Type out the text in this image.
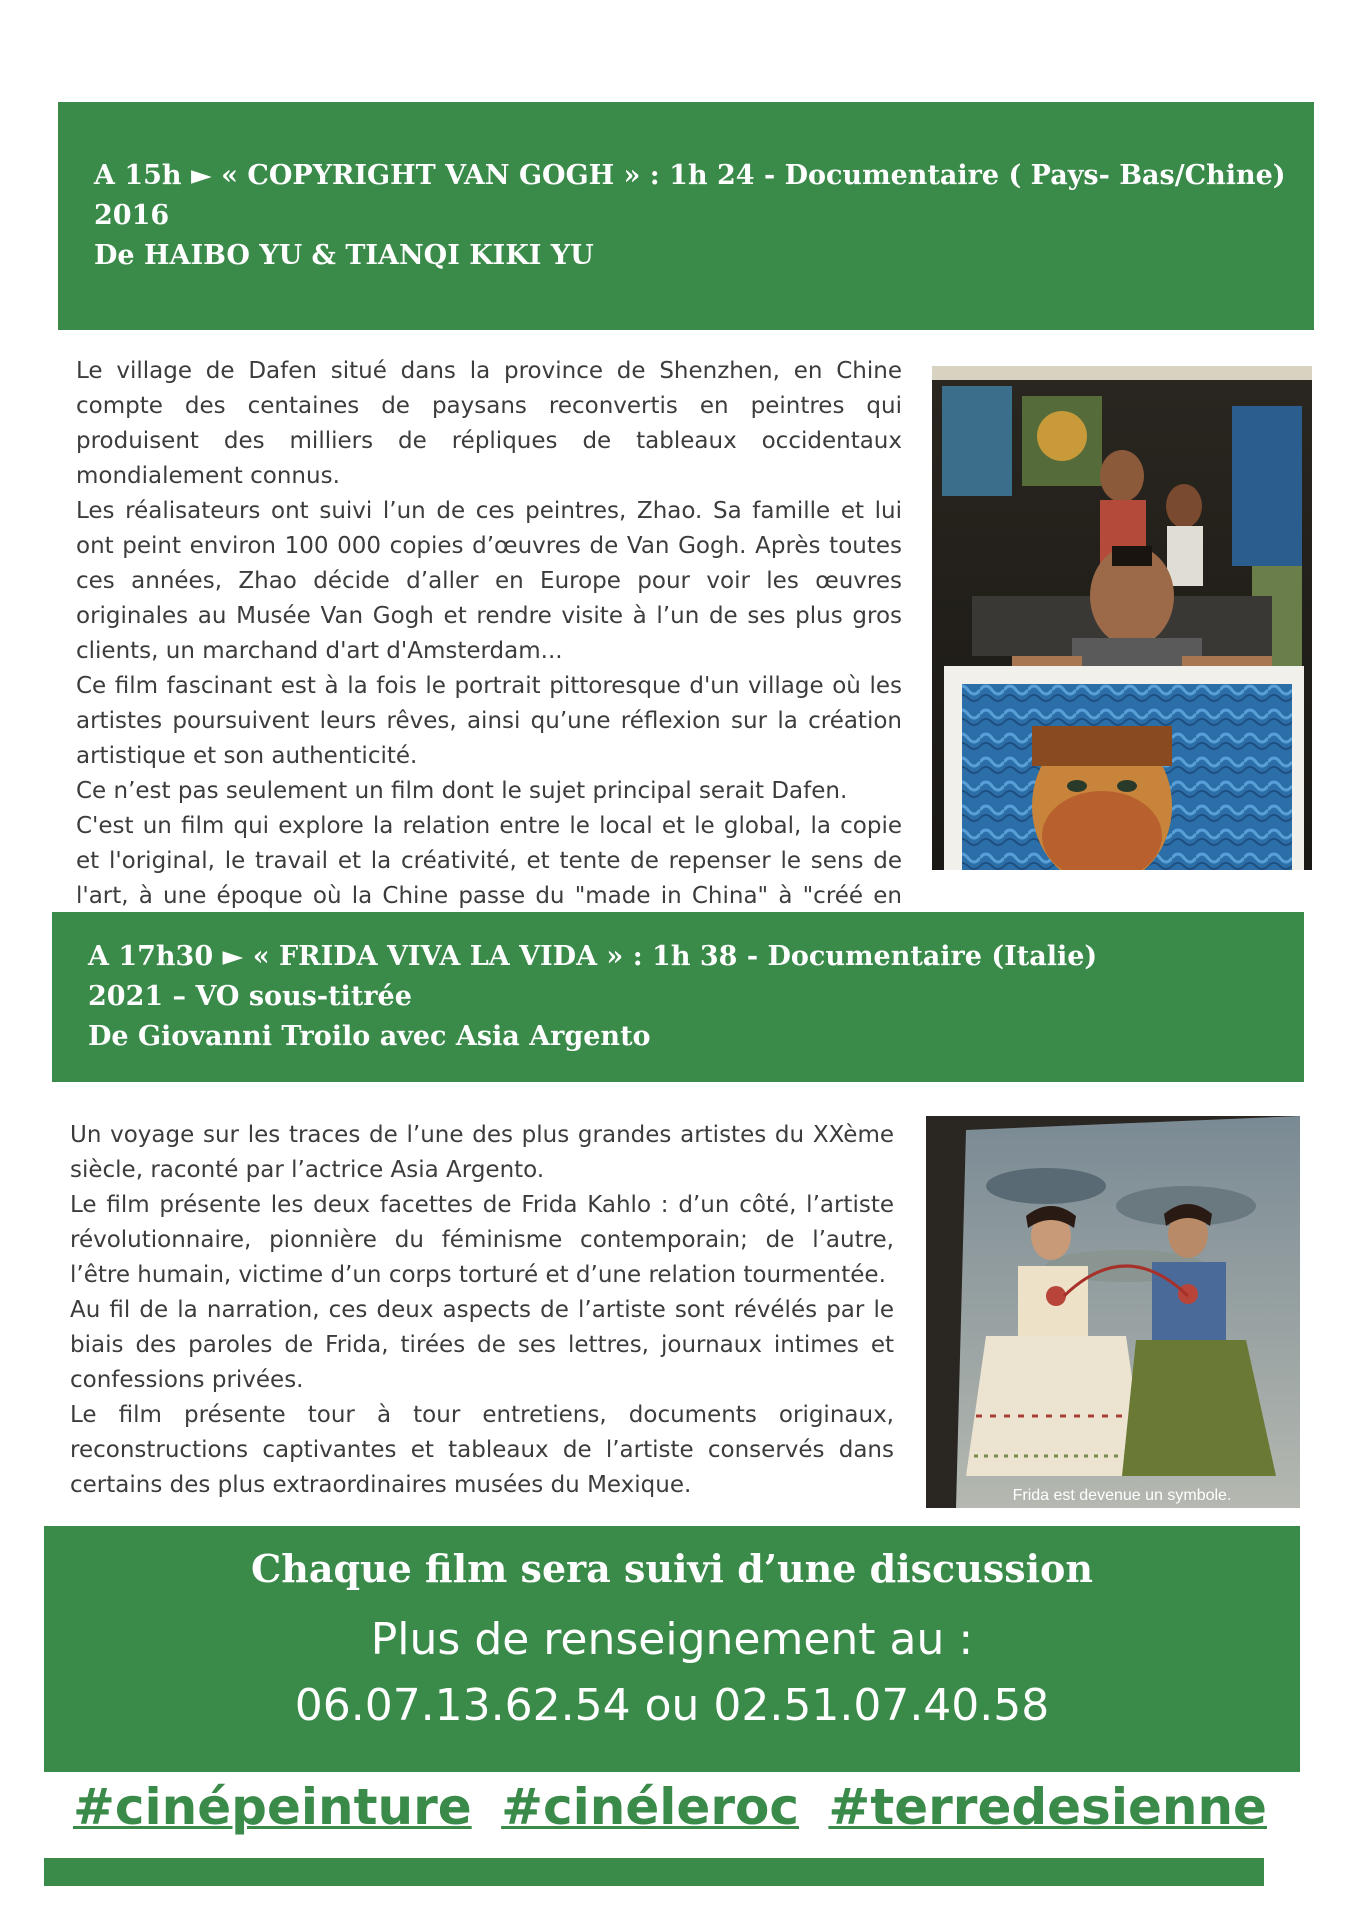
A 15h ► « COPYRIGHT VAN GOGH » : 1h 24 - Documentaire ( Pays- Bas/Chine)
2016
De HAIBO YU & TIANQI KIKI YU

Le village de Dafen situé dans la province de Shenzhen, en Chine compte des centaines de paysans reconvertis en peintres qui produisent des milliers de répliques de tableaux occidentaux mondialement connus.

Les réalisateurs ont suivi l’un de ces peintres, Zhao. Sa famille et lui ont peint environ 100 000 copies d’œuvres de Van Gogh. Après toutes ces années, Zhao décide d’aller en Europe pour voir les œuvres originales au Musée Van Gogh et rendre visite à l’un de ses plus gros clients, un marchand d'art d'Amsterdam...

Ce film fascinant est à la fois le portrait pittoresque d'un village où les artistes poursuivent leurs rêves, ainsi qu’une réflexion sur la création artistique et son authenticité.

Ce n’est pas seulement un film dont le sujet principal serait Dafen.

C'est un film qui explore la relation entre le local et le global, la copie et l'original, le travail et la créativité, et tente de repenser le sens de l'art, à une époque où la Chine passe du "made in China" à "créé en

A 17h30 ► « FRIDA VIVA LA VIDA » : 1h 38 - Documentaire (Italie)
2021 – VO sous-titrée
De Giovanni Troilo avec Asia Argento

Un voyage sur les traces de l’une des plus grandes artistes du XXème siècle, raconté par l’actrice Asia Argento.

Le film présente les deux facettes de Frida Kahlo : d’un côté, l’artiste révolutionnaire, pionnière du féminisme contemporain; de l’autre, l’être humain, victime d’un corps torturé et d’une relation tourmentée.

Au fil de la narration, ces deux aspects de l’artiste sont révélés par le biais des paroles de Frida, tirées de ses lettres, journaux intimes et confessions privées.

Le film présente tour à tour entretiens, documents originaux, reconstructions captivantes et tableaux de l’artiste conservés dans certains des plus extraordinaires musées du Mexique.	Frida est devenue un symbole.
Chaque film sera suivi d’une discussion
Plus de renseignement au :
06.07.13.62.54 ou 02.51.07.40.58
#cinépeinture #cinéleroc #terredesienne
